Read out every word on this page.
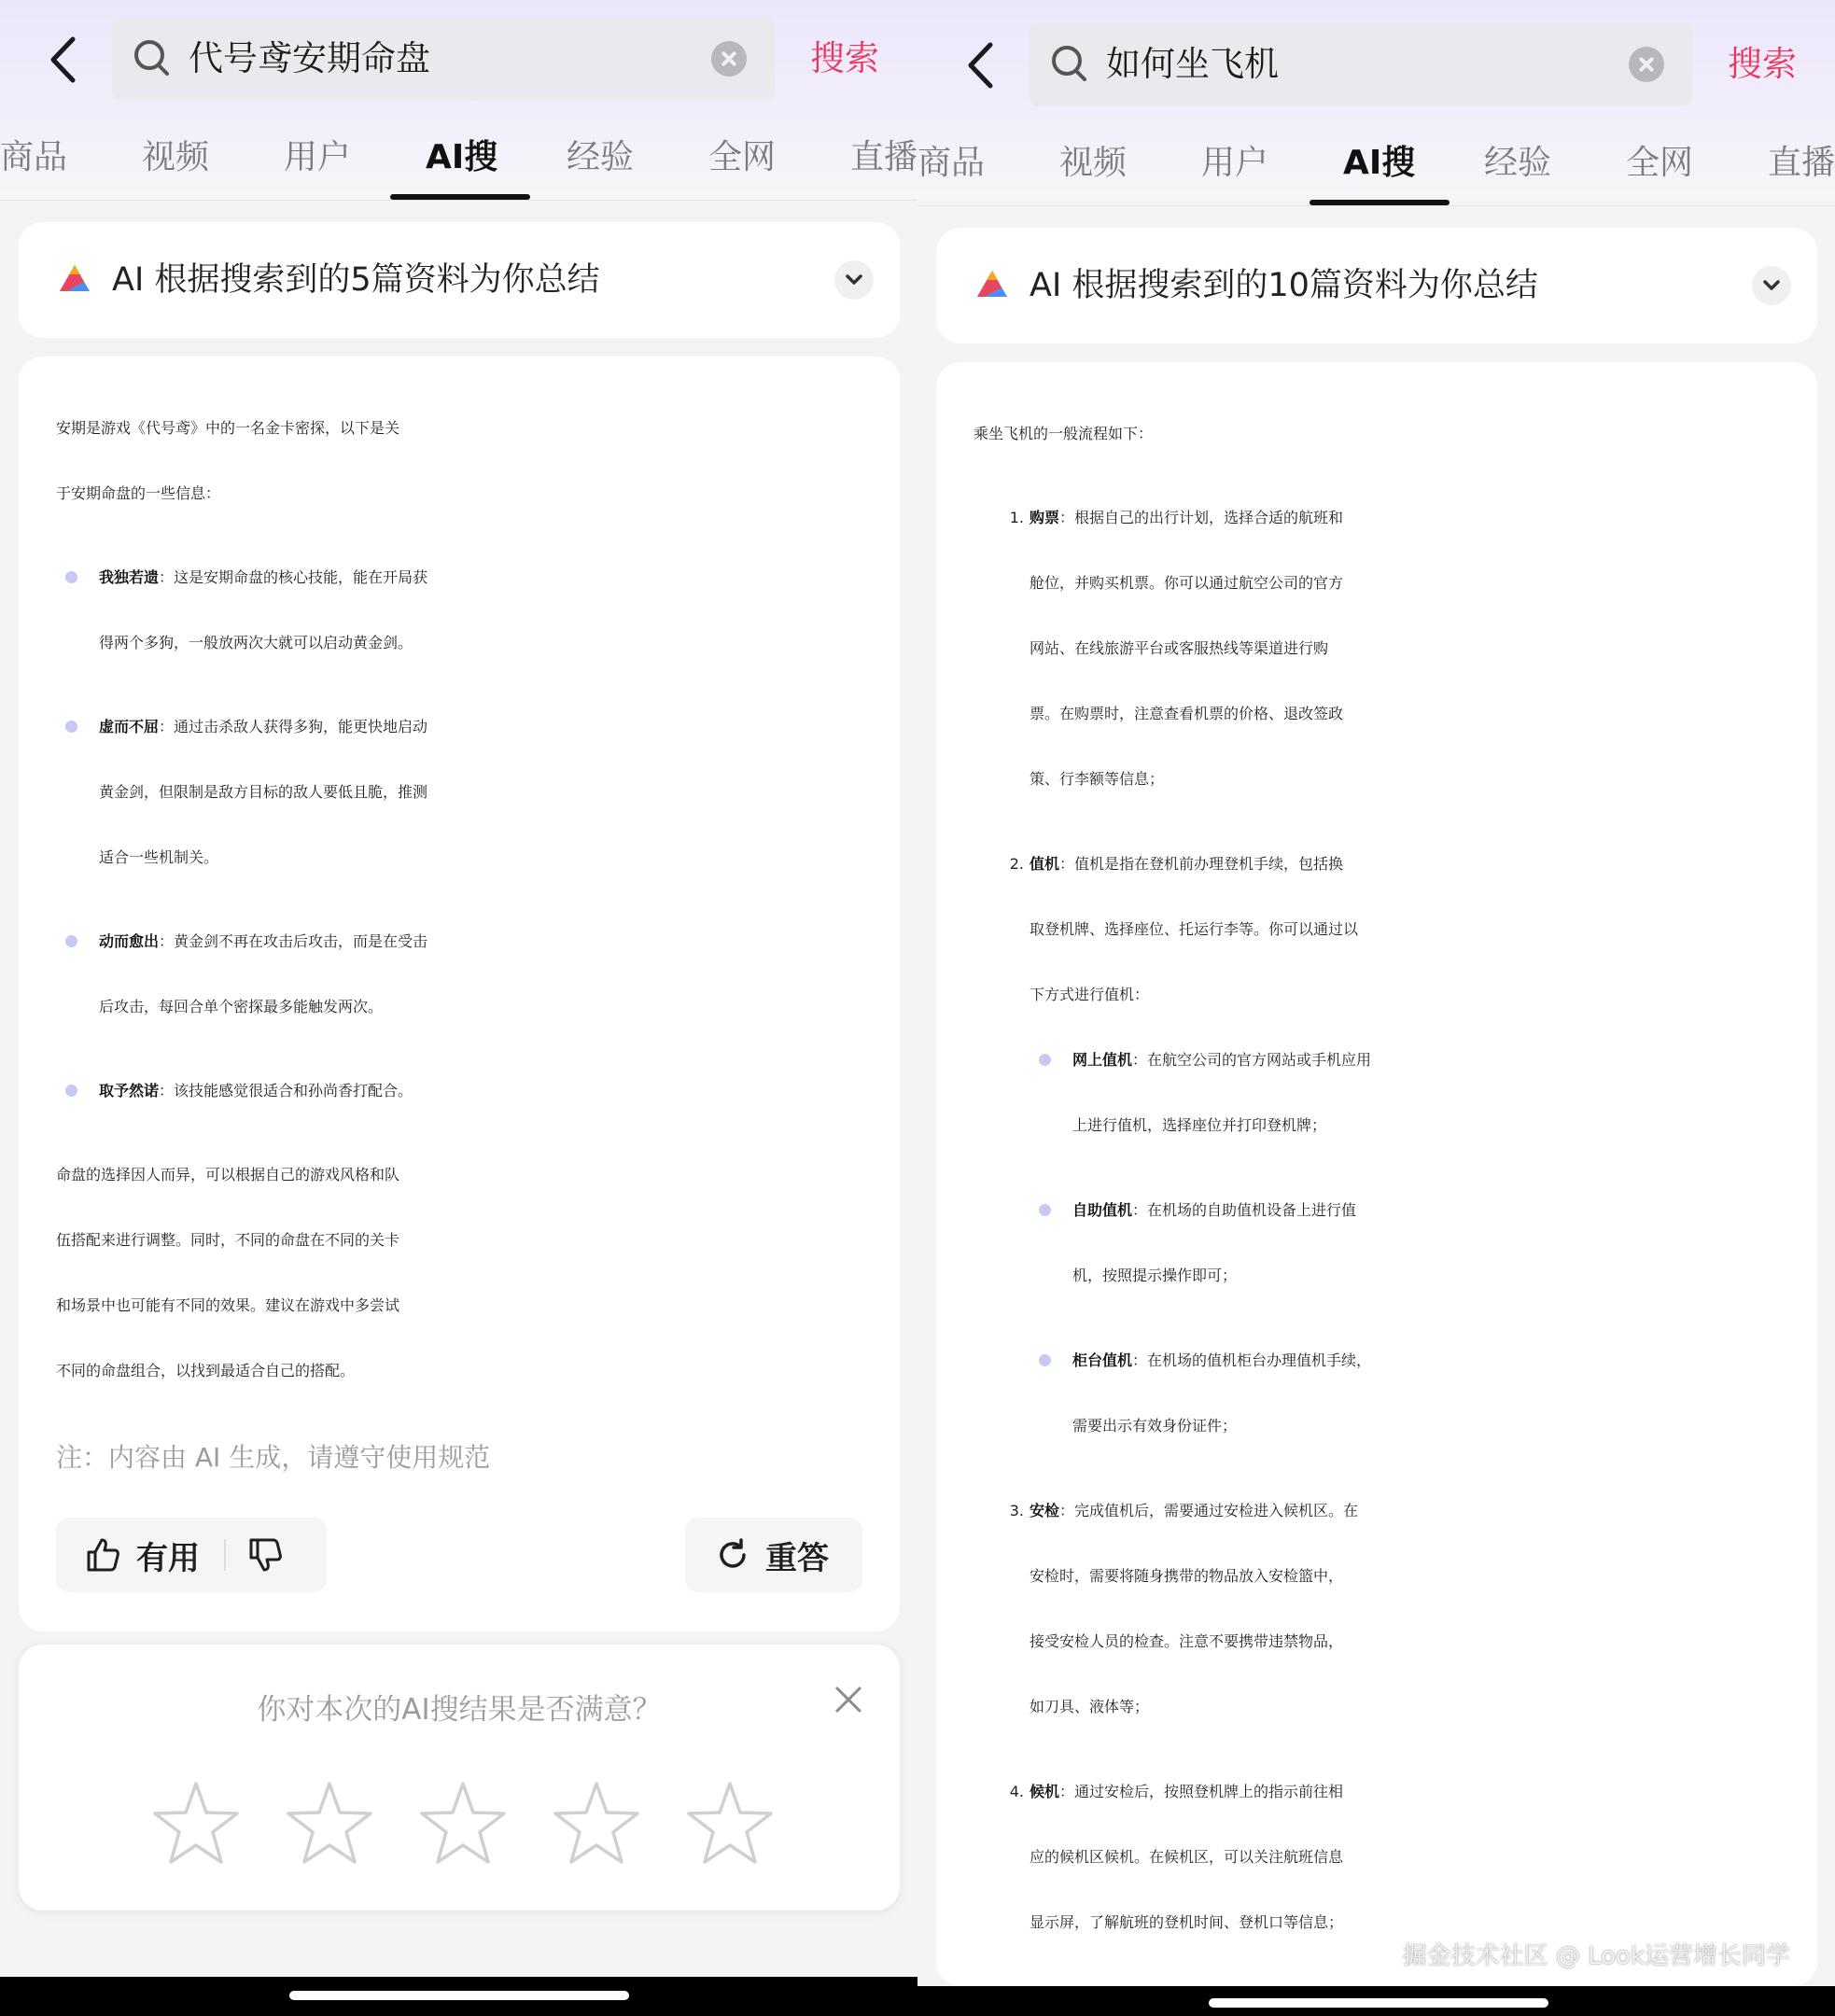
代号鸢安期命盘	搜索
商品 视频 用户 AI搜 经验 全网 直播
AI 根据搜索到的5篇资料为你总结
安期是游戏《代号鸢》中的一名金卡密探，以下是关
于安期命盘的一些信息：
我独若遗：这是安期命盘的核心技能，能在开局获
得两个多狗，一般放两次大就可以启动黄金剑。
虚而不屈：通过击杀敌人获得多狗，能更快地启动
黄金剑，但限制是敌方目标的敌人要低且脆，推测
适合一些机制关。
动而愈出：黄金剑不再在攻击后攻击，而是在受击
后攻击，每回合单个密探最多能触发两次。
取予然诺：该技能感觉很适合和孙尚香打配合。
命盘的选择因人而异，可以根据自己的游戏风格和队
伍搭配来进行调整。同时，不同的命盘在不同的关卡
和场景中也可能有不同的效果。建议在游戏中多尝试
不同的命盘组合，以找到最适合自己的搭配。
注：内容由 AI 生成，请遵守使用规范
有用	重答
你对本次的AI搜结果是否满意？
如何坐飞机	搜索
商品 视频 用户 AI搜 经验 全网 直播
AI 根据搜索到的10篇资料为你总结
乘坐飞机的一般流程如下：
1. 购票：根据自己的出行计划，选择合适的航班和
舱位，并购买机票。你可以通过航空公司的官方
网站、在线旅游平台或客服热线等渠道进行购
票。在购票时，注意查看机票的价格、退改签政
策、行李额等信息；
2. 值机：值机是指在登机前办理登机手续，包括换
取登机牌、选择座位、托运行李等。你可以通过以
下方式进行值机：
网上值机：在航空公司的官方网站或手机应用
上进行值机，选择座位并打印登机牌；
自助值机：在机场的自助值机设备上进行值
机，按照提示操作即可；
柜台值机：在机场的值机柜台办理值机手续，
需要出示有效身份证件；
3. 安检：完成值机后，需要通过安检进入候机区。在
安检时，需要将随身携带的物品放入安检篮中，
接受安检人员的检查。注意不要携带违禁物品，
如刀具、液体等；
4. 候机：通过安检后，按照登机牌上的指示前往相
应的候机区候机。在候机区，可以关注航班信息
显示屏，了解航班的登机时间、登机口等信息；
掘金技术社区 @ Look运营增长同学
